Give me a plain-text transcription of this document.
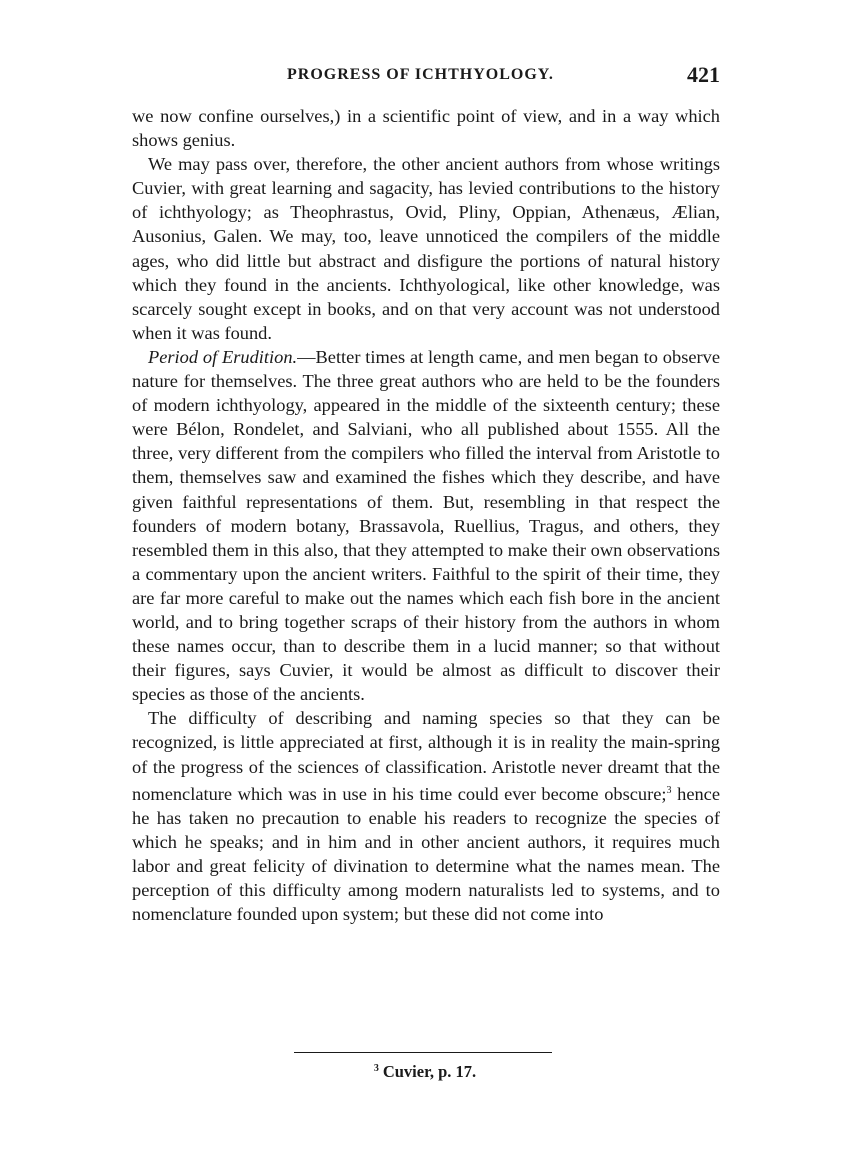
PROGRESS OF ICHTHYOLOGY.	421

we now confine ourselves,) in a scientific point of view, and in a way which shows genius.

We may pass over, therefore, the other ancient authors from whose writings Cuvier, with great learning and sagacity, has levied contributions to the history of ichthyology; as Theophrastus, Ovid, Pliny, Oppian, Athenæus, Ælian, Ausonius, Galen. We may, too, leave unnoticed the compilers of the middle ages, who did little but abstract and disfigure the portions of natural history which they found in the ancients. Ichthyological, like other knowledge, was scarcely sought except in books, and on that very account was not understood when it was found.

Period of Erudition.—Better times at length came, and men began to observe nature for themselves. The three great authors who are held to be the founders of modern ichthyology, appeared in the middle of the sixteenth century; these were Bélon, Rondelet, and Salviani, who all published about 1555. All the three, very different from the compilers who filled the interval from Aristotle to them, themselves saw and examined the fishes which they describe, and have given faithful representations of them. But, resembling in that respect the founders of modern botany, Brassavola, Ruellius, Tragus, and others, they resembled them in this also, that they attempted to make their own observations a commentary upon the ancient writers. Faithful to the spirit of their time, they are far more careful to make out the names which each fish bore in the ancient world, and to bring together scraps of their history from the authors in whom these names occur, than to describe them in a lucid manner; so that without their figures, says Cuvier, it would be almost as difficult to discover their species as those of the ancients.

The difficulty of describing and naming species so that they can be recognized, is little appreciated at first, although it is in reality the main-spring of the progress of the sciences of classification. Aristotle never dreamt that the nomenclature which was in use in his time could ever become obscure;$^3$ hence he has taken no precaution to enable his readers to recognize the species of which he speaks; and in him and in other ancient authors, it requires much labor and great felicity of divination to determine what the names mean. The perception of this difficulty among modern naturalists led to systems, and to nomenclature founded upon system; but these did not come into

$^3$ Cuvier, p. 17.
